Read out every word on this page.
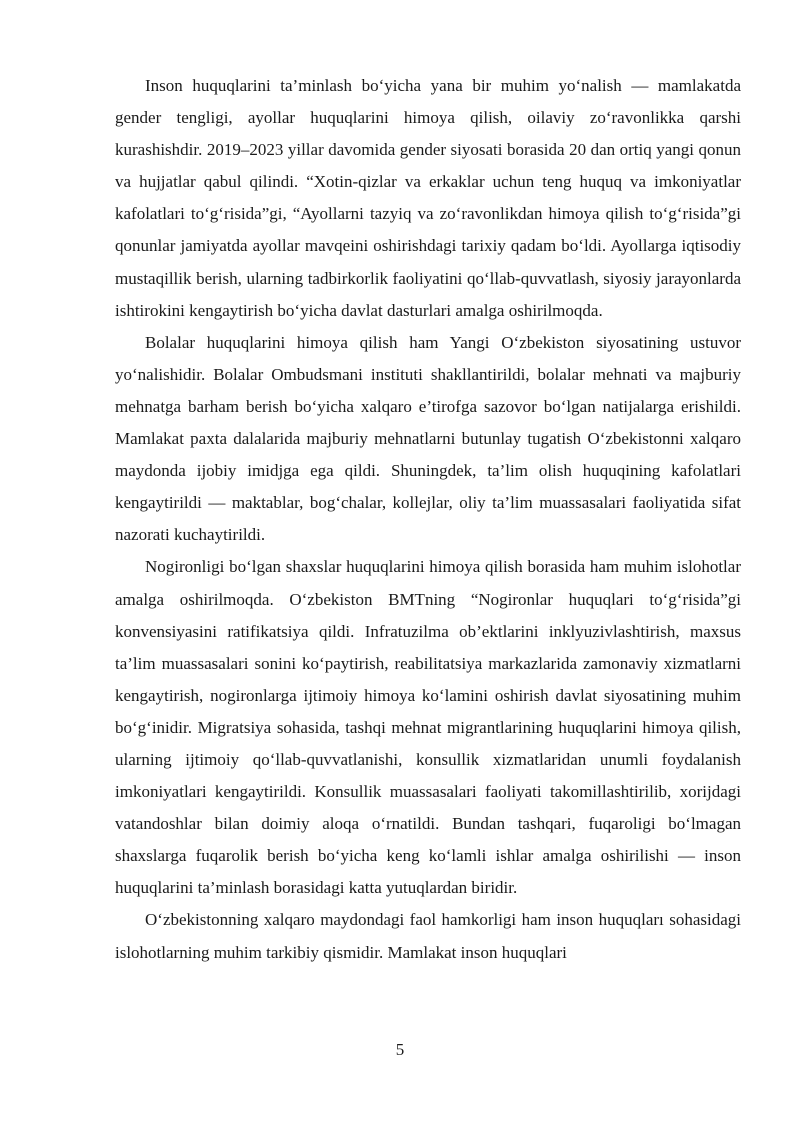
Inson huquqlarini ta’minlash bo‘yicha yana bir muhim yo‘nalish — mamlakatda gender tengligi, ayollar huquqlarini himoya qilish, oilaviy zo‘ravonlikka qarshi kurashishdir. 2019–2023 yillar davomida gender siyosati borasida 20 dan ortiq yangi qonun va hujjatlar qabul qilindi. “Xotin-qizlar va erkaklar uchun teng huquq va imkoniyatlar kafolatlari to‘g‘risida”gi, “Ayollarni tazyiq va zo‘ravonlikdan himoya qilish to‘g‘risida”gi qonunlar jamiyatda ayollar mavqeini oshirishdagi tarixiy qadam bo‘ldi. Ayollarga iqtisodiy mustaqillik berish, ularning tadbirkorlik faoliyatini qo‘llab-quvvatlash, siyosiy jarayonlarda ishtirokini kengaytirish bo‘yicha davlat dasturlari amalga oshirilmoqda.

Bolalar huquqlarini himoya qilish ham Yangi O‘zbekiston siyosatining ustuvor yo‘nalishidir. Bolalar Ombudsmani instituti shakllantirildi, bolalar mehnati va majburiy mehnatga barham berish bo‘yicha xalqaro e’tirofga sazovor bo‘lgan natijalarga erishildi. Mamlakat paxta dalalarida majburiy mehnatlarni butunlay tugatish O‘zbekistonni xalqaro maydonda ijobiy imidjga ega qildi. Shuningdek, ta’lim olish huquqining kafolatlari kengaytirildi — maktablar, bog‘chalar, kollejlar, oliy ta’lim muassasalari faoliyatida sifat nazorati kuchaytirildi.

Nogironligi bo‘lgan shaxslar huquqlarini himoya qilish borasida ham muhim islohotlar amalga oshirilmoqda. O‘zbekiston BMTning “Nogironlar huquqlari to‘g‘risida”gi konvensiyasini ratifikatsiya qildi. Infratuzilma ob’ektlarini inklyuzivlashtirish, maxsus ta’lim muassasalari sonini ko‘paytirish, reabilitatsiya markazlarida zamonaviy xizmatlarni kengaytirish, nogironlarga ijtimoiy himoya ko‘lamini oshirish davlat siyosatining muhim bo‘g‘inidir. Migratsiya sohasida, tashqi mehnat migrantlarining huquqlarini himoya qilish, ularning ijtimoiy qo‘llab-quvvatlanishi, konsullik xizmatlaridan unumli foydalanish imkoniyatlari kengaytirildi. Konsullik muassasalari faoliyati takomillashtirilib, xorijdagi vatandoshlar bilan doimiy aloqa o‘rnatildi. Bundan tashqari, fuqaroligi bo‘lmagan shaxslarga fuqarolik berish bo‘yicha keng ko‘lamli ishlar amalga oshirilishi — inson huquqlarini ta’minlash borasidagi katta yutuqlardan biridir.

O‘zbekistonning xalqaro maydondagi faol hamkorligi ham inson huquqları sohasidagi islohotlarning muhim tarkibiy qismidir. Mamlakat inson huquqlari

5
